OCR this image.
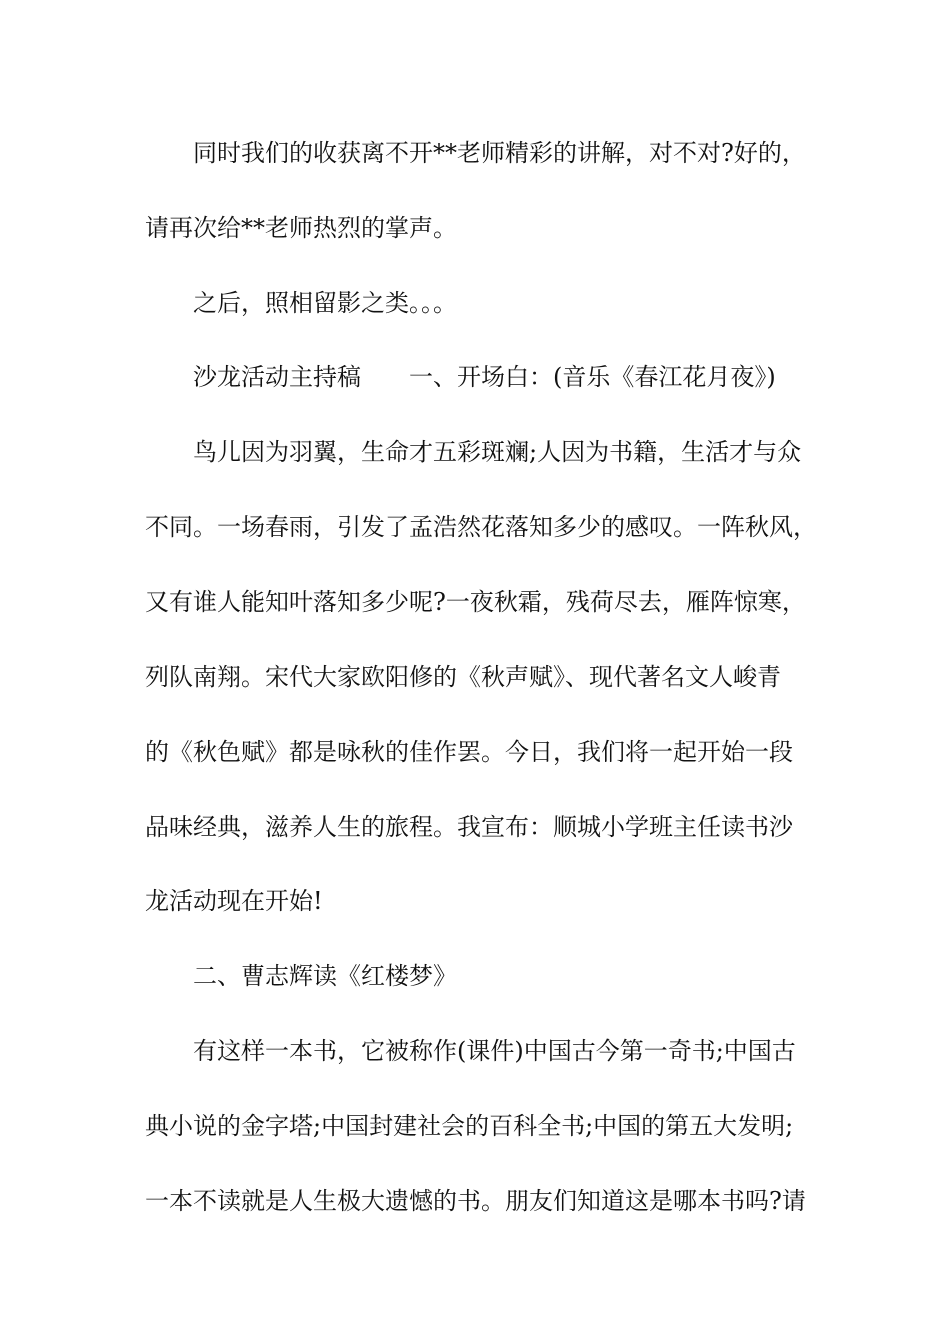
同时我们的收获离不开**老师精彩的讲解，对不对?好的，
请再次给**老师热烈的掌声。
之后，照相留影之类。。。
沙龙活动主持稿　　一、开场白：(音乐《春江花月夜》)
鸟儿因为羽翼，生命才五彩斑斓;人因为书籍，生活才与众
不同。一场春雨，引发了孟浩然花落知多少的感叹。一阵秋风，
又有谁人能知叶落知多少呢?一夜秋霜，残荷尽去，雁阵惊寒，
列队南翔。宋代大家欧阳修的《秋声赋》、现代著名文人峻青
的《秋色赋》都是咏秋的佳作罢。今日，我们将一起开始一段
品味经典，滋养人生的旅程。我宣布：顺城小学班主任读书沙
龙活动现在开始!
二、曹志辉读《红楼梦》
有这样一本书，它被称作(课件)中国古今第一奇书;中国古
典小说的金字塔;中国封建社会的百科全书;中国的第五大发明;
一本不读就是人生极大遗憾的书。朋友们知道这是哪本书吗?请
